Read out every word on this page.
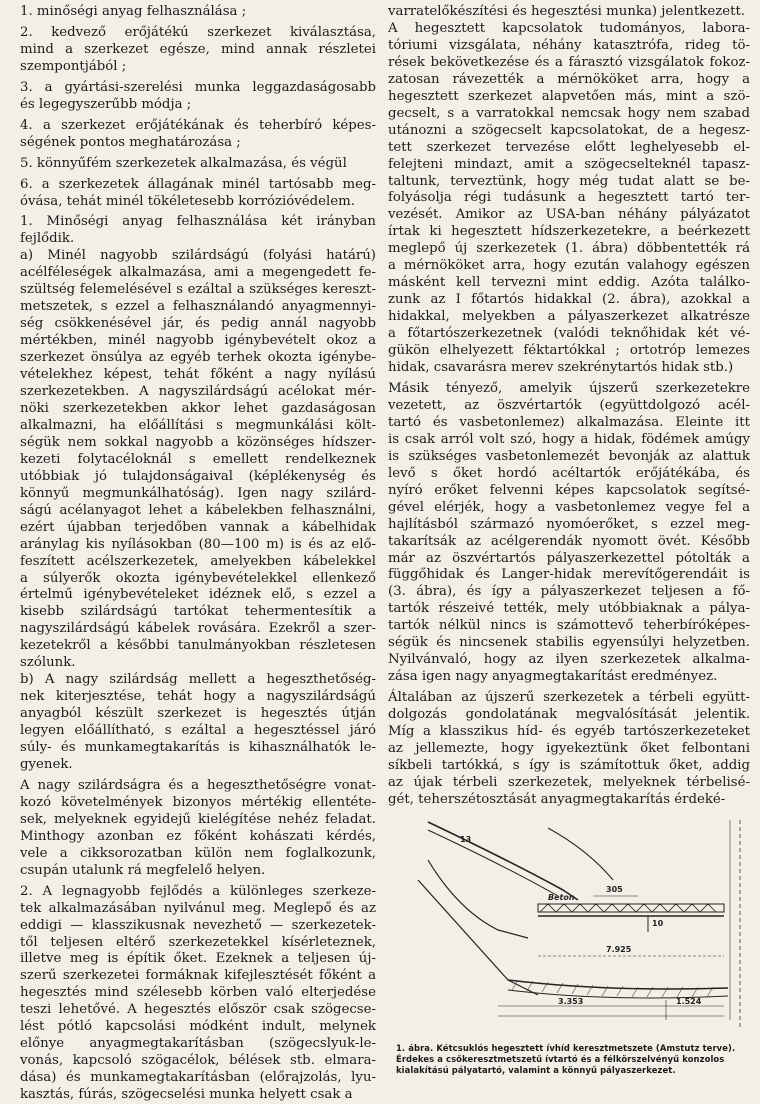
1. minőségi anyag felhasználása ;
2. kedvező erőjátékú szerkezet kiválasztása,
mind a szerkezet egésze, mind annak részletei
szempontjából ;
3. a gyártási-szerelési munka leggazdaságosabb
és legegyszerűbb módja ;
4. a szerkezet erőjátékának és teherbíró képes-
ségének pontos meghatározása ;
5. könnyűfém szerkezetek alkalmazása, és végül
6. a szerkezetek állagának minél tartósabb meg-
óvása, tehát minél tökéletesebb korrózióvédelem.
1. Minőségi anyag felhasználása két irányban
fejlődik.
a) Minél nagyobb szilárdságú (folyási határú)
acélféleségek alkalmazása, ami a megengedett fe-
szültség felemelésével s ezáltal a szükséges kereszt-
metszetek, s ezzel a felhasználandó anyagmennyi-
ség csökkenésével jár, és pedig annál nagyobb
mértékben, minél nagyobb igénybevételt okoz a
szerkezet önsúlya az egyéb terhek okozta igénybe-
vételekhez képest, tehát főként a nagy nyílású
szerkezetekben. A nagyszilárdságú acélokat mér-
nöki szerkezetekben akkor lehet gazdaságosan
alkalmazni, ha előállítási s megmunkálási költ-
ségük nem sokkal nagyobb a közönséges hídszer-
kezeti folytacéloknál s emellett rendelkeznek
utóbbiak jó tulajdonságaival (képlékenység és
könnyű megmunkálhatóság). Igen nagy szilárd-
ságú acélanyagot lehet a kábelekben felhasználni,
ezért újabban terjedőben vannak a kábelhidak
aránylag kis nyílásokban (80—100 m) is és az elő-
feszített acélszerkezetek, amelyekben kábelekkel
a súlyerők okozta igénybevételekkel ellenkező
értelmű igénybevételeket idéznek elő, s ezzel a
kisebb szilárdságú tartókat tehermentesítik a
nagyszilárdságú kábelek rovására. Ezekről a szer-
kezetekről a későbbi tanulmányokban részletesen
szólunk.
b) A nagy szilárdság mellett a hegeszthetőség-
nek kiterjesztése, tehát hogy a nagyszilárdságú
anyagból készült szerkezet is hegesztés útján
legyen előállítható, s ezáltal a hegesztéssel járó
súly- és munkamegtakarítás is kihasználhatók le-
gyenek.
A nagy szilárdságra és a hegeszthetőségre vonat-
kozó követelmények bizonyos mértékig ellentéte-
sek, melyeknek egyidejű kielégítése nehéz feladat.
Minthogy azonban ez főként kohászati kérdés,
vele a cikksorozatban külön nem foglalkozunk,
csupán utalunk rá megfelelő helyen.
2. A legnagyobb fejlődés a különleges szerkeze-
tek alkalmazásában nyilvánul meg. Meglepő és az
eddigi — klasszikusnak nevezhető — szerkezetek-
től teljesen eltérő szerkezetekkel kísérleteznek,
illetve meg is építik őket. Ezeknek a teljesen új-
szerű szerkezetei formáknak kifejlesztését főként a
hegesztés mind szélesebb körben való elterjedése
teszi lehetővé. A hegesztés először csak szögecse-
lést pótló kapcsolási módként indult, melynek
előnye anyagmegtakarításban (szögecslyuk-le-
vonás, kapcsoló szögacélok, bélések stb. elmara-
dása) és munkamegtakarításban (előrajzolás, lyu-
kasztás, fúrás, szögecselési munka helyett csak a
varratelőkészítési és hegesztési munka) jelentkezett.
A hegesztett kapcsolatok tudományos, labora-
tóriumi vizsgálata, néhány katasztrófa, rideg tö-
rések bekövetkezése és a fárasztó vizsgálatok fokoz-
zatosan rávezették a mérnököket arra, hogy a
hegesztett szerkezet alapvetően más, mint a szö-
gecselt, s a varratokkal nemcsak hogy nem szabad
utánozni a szögecselt kapcsolatokat, de a hegesz-
tett szerkezet tervezése előtt leghelyesebb el-
felejteni mindazt, amit a szögecselteknél tapasz-
taltunk, terveztünk, hogy még tudat alatt se be-
folyásolja régi tudásunk a hegesztett tartó ter-
vezését. Amikor az USA-ban néhány pályázatot
írtak ki hegesztett hídszerkezetekre, a beérkezett
meglepő új szerkezetek (1. ábra) döbbentették rá
a mérnököket arra, hogy ezután valahogy egészen
másként kell tervezni mint eddig. Azóta találko-
zunk az I főtartós hidakkal (2. ábra), azokkal a
hidakkal, melyekben a pályaszerkezet alkatrésze
a főtartószerkezetnek (valódi teknőhidak két vé-
gükön elhelyezett féktartókkal ; ortotróp lemezes
hidak, csavarásra merev szekrénytartós hidak stb.)
Másik tényező, amelyik újszerű szerkezetekre
vezetett, az öszvértartók (együttdolgozó acél-
tartó és vasbetonlemez) alkalmazása. Eleinte itt
is csak arról volt szó, hogy a hidak, födémek amúgy
is szükséges vasbetonlemezét bevonják az alattuk
levő s őket hordó acéltartók erőjátékába, és
nyíró erőket felvenni képes kapcsolatok segítsé-
gével elérjék, hogy a vasbetonlemez vegye fel a
hajlításból származó nyomóerőket, s ezzel meg-
takarítsák az acélgerendák nyomott övét. Később
már az öszvértartós pályaszerkezettel pótolták a
függőhidak és Langer-hidak merevítőgerendáit is
(3. ábra), és így a pályaszerkezet teljesen a fő-
tartók részeivé tették, mely utóbbiaknak a pálya-
tartók nélkül nincs is számottevő teherbíróképes-
ségük és nincsenek stabilis egyensúlyi helyzetben.
Nyilvánvaló, hogy az ilyen szerkezetek alkalma-
zása igen nagy anyagmegtakarítást eredményez.
Általában az újszerű szerkezetek a térbeli együtt-
dolgozás gondolatának megvalósítását jelentik.
Míg a klasszikus híd- és egyéb tartószerkezeteket
az jellemezte, hogy igyekeztünk őket felbontani
síkbeli tartókká, s így is számítottuk őket, addig
az újak térbeli szerkezetek, melyeknek térbelisé-
gét, teherszétosztását anyagmegtakarítás érdeké-
13
305
Beton
10
7.925
3.353	1.524
1. ábra. Kétcsuklós hegesztett ívhíd keresztmetszete (Amstutz terve).
Érdekes a csőkeresztmetszetű ívtartó és a félkörszelvényű konzolos
kialakítású pályatartó, valamint a könnyű pályaszerkezet.
